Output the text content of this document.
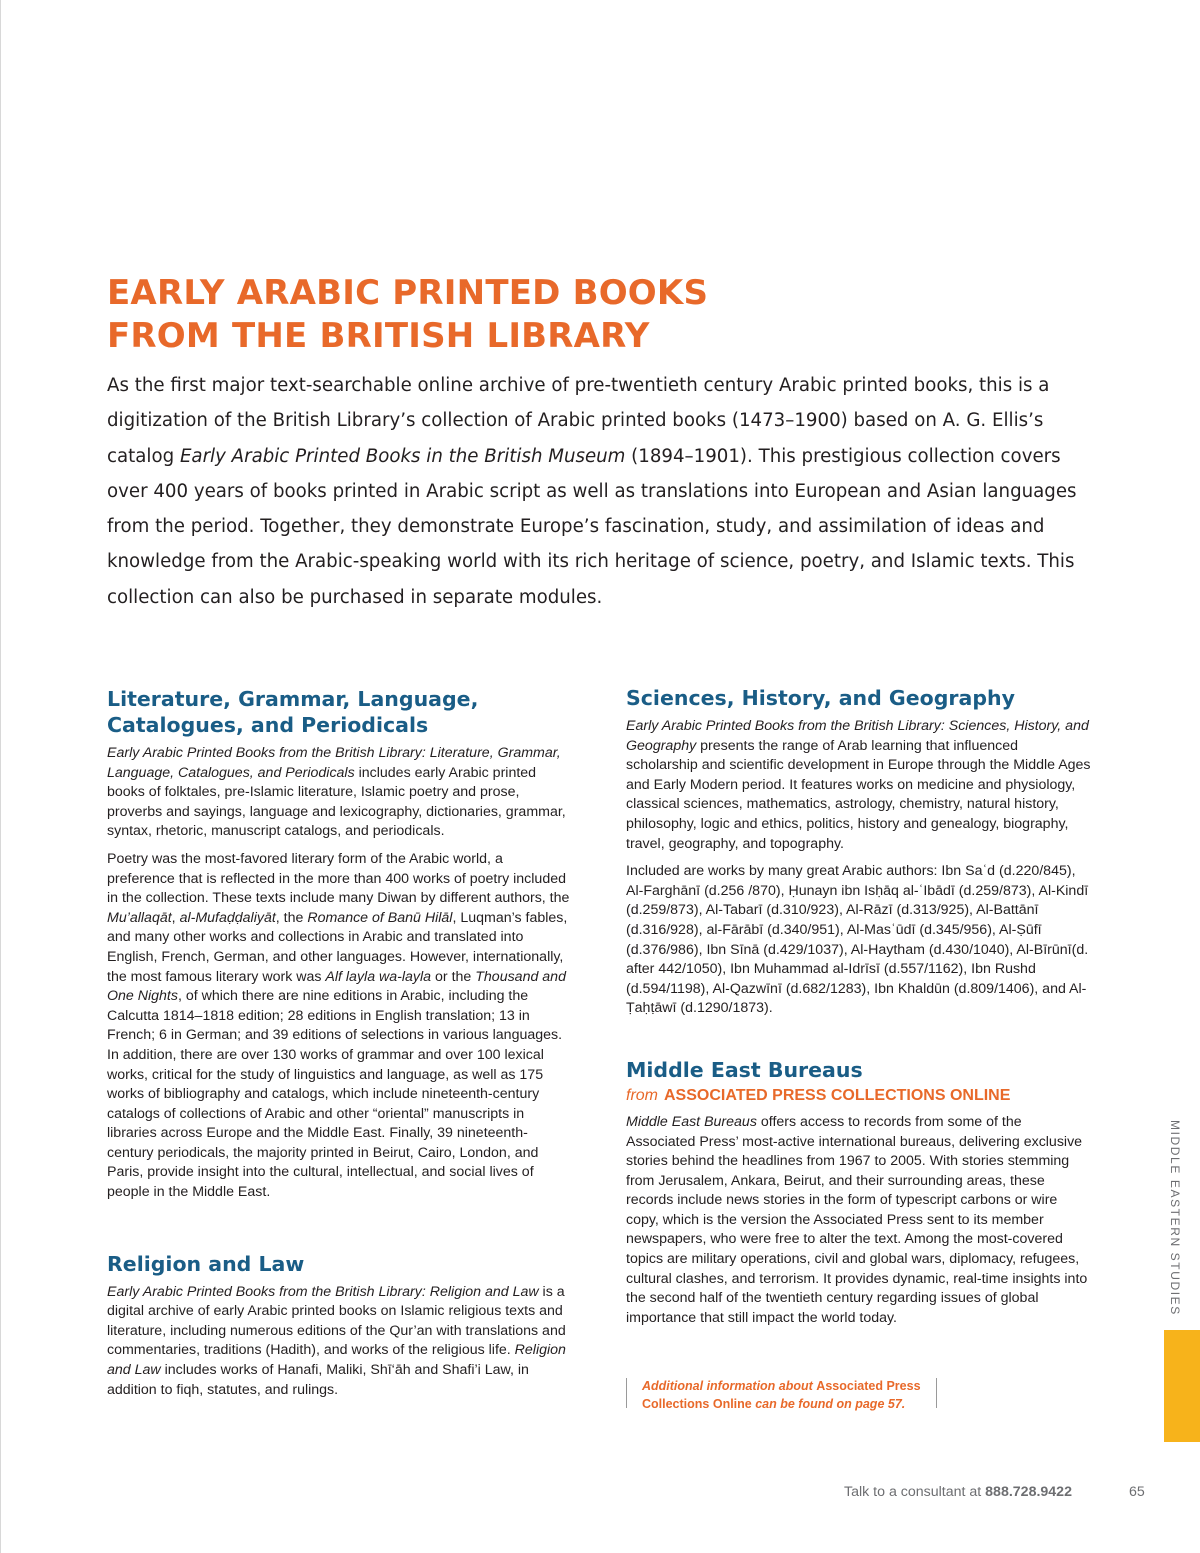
EARLY ARABIC PRINTED BOOKS
FROM THE BRITISH LIBRARY

As the first major text-searchable online archive of pre-twentieth century Arabic printed books, this is a digitization of the British Library’s collection of Arabic printed books (1473–1900) based on A. G. Ellis’s catalog Early Arabic Printed Books in the British Museum (1894–1901). This prestigious collection covers over 400 years of books printed in Arabic script as well as translations into European and Asian languages from the period. Together, they demonstrate Europe’s fascination, study, and assimilation of ideas and knowledge from the Arabic-speaking world with its rich heritage of science, poetry, and Islamic texts. This collection can also be purchased in separate modules.

Literature, Grammar, Language,
Catalogues, and Periodicals

Early Arabic Printed Books from the British Library: Literature, Grammar, Language, Catalogues, and Periodicals includes early Arabic printed books of folktales, pre-Islamic literature, Islamic poetry and prose, proverbs and sayings, language and lexicography, dictionaries, grammar, syntax, rhetoric, manuscript catalogs, and periodicals.

Poetry was the most-favored literary form of the Arabic world, a preference that is reflected in the more than 400 works of poetry included in the collection. These texts include many Diwan by different authors, the Mu’allaqāt, al-Mufaḍḍaliyāt, the Romance of Banū Hilāl, Luqman’s fables, and many other works and collections in Arabic and translated into English, French, German, and other languages. However, internationally, the most famous literary work was Alf layla wa-layla or the Thousand and One Nights, of which there are nine editions in Arabic, including the Calcutta 1814–1818 edition; 28 editions in English translation; 13 in French; 6 in German; and 39 editions of selections in various languages. In addition, there are over 130 works of grammar and over 100 lexical works, critical for the study of linguistics and language, as well as 175 works of bibliography and catalogs, which include nineteenth-century catalogs of collections of Arabic and other “oriental” manuscripts in libraries across Europe and the Middle East. Finally, 39 nineteenth-century periodicals, the majority printed in Beirut, Cairo, London, and Paris, provide insight into the cultural, intellectual, and social lives of people in the Middle East.

Religion and Law

Early Arabic Printed Books from the British Library: Religion and Law is a digital archive of early Arabic printed books on Islamic religious texts and literature, including numerous editions of the Qur’an with translations and commentaries, traditions (Hadith), and works of the religious life. Religion and Law includes works of Hanafi, Maliki, Shī‘āh and Shafi’i Law, in addition to fiqh, statutes, and rulings.

Sciences, History, and Geography

Early Arabic Printed Books from the British Library: Sciences, History, and Geography presents the range of Arab learning that influenced scholarship and scientific development in Europe through the Middle Ages and Early Modern period. It features works on medicine and physiology, classical sciences, mathematics, astrology, chemistry, natural history, philosophy, logic and ethics, politics, history and genealogy, biography, travel, geography, and topography.

Included are works by many great Arabic authors: Ibn Saʿd (d.220/845), Al-Farghānī (d.256 /870), Ḥunayn ibn Isḥāq al-ʿIbādī (d.259/873), Al-Kindī (d.259/873), Al-Tabarī (d.310/923), Al-Rāzī (d.313/925), Al-Battānī (d.316/928), al-Fārābī (d.340/951), Al-Masʿūdī (d.345/956), Al-Ṣūfī (d.376/986), Ibn Sīnā (d.429/1037), Al-Haytham (d.430/1040), Al-Bīrūnī(d. after 442/1050), Ibn Muhammad al-Idrīsī (d.557/1162), Ibn Rushd (d.594/1198), Al-Qazwīnī (d.682/1283), Ibn Khaldūn (d.809/1406), and Al-Ṭaḥṭāwī (d.1290/1873).

Middle East Bureaus
from ASSOCIATED PRESS COLLECTIONS ONLINE

Middle East Bureaus offers access to records from some of the Associated Press’ most-active international bureaus, delivering exclusive stories behind the headlines from 1967 to 2005. With stories stemming from Jerusalem, Ankara, Beirut, and their surrounding areas, these records include news stories in the form of typescript carbons or wire copy, which is the version the Associated Press sent to its member newspapers, who were free to alter the text. Among the most-covered topics are military operations, civil and global wars, diplomacy, refugees, cultural clashes, and terrorism. It provides dynamic, real-time insights into the second half of the twentieth century regarding issues of global importance that still impact the world today.

Additional information about Associated Press Collections Online can be found on page 57.
MIDDLE EASTERN STUDIES
Talk to a consultant at 888.728.9422	65
